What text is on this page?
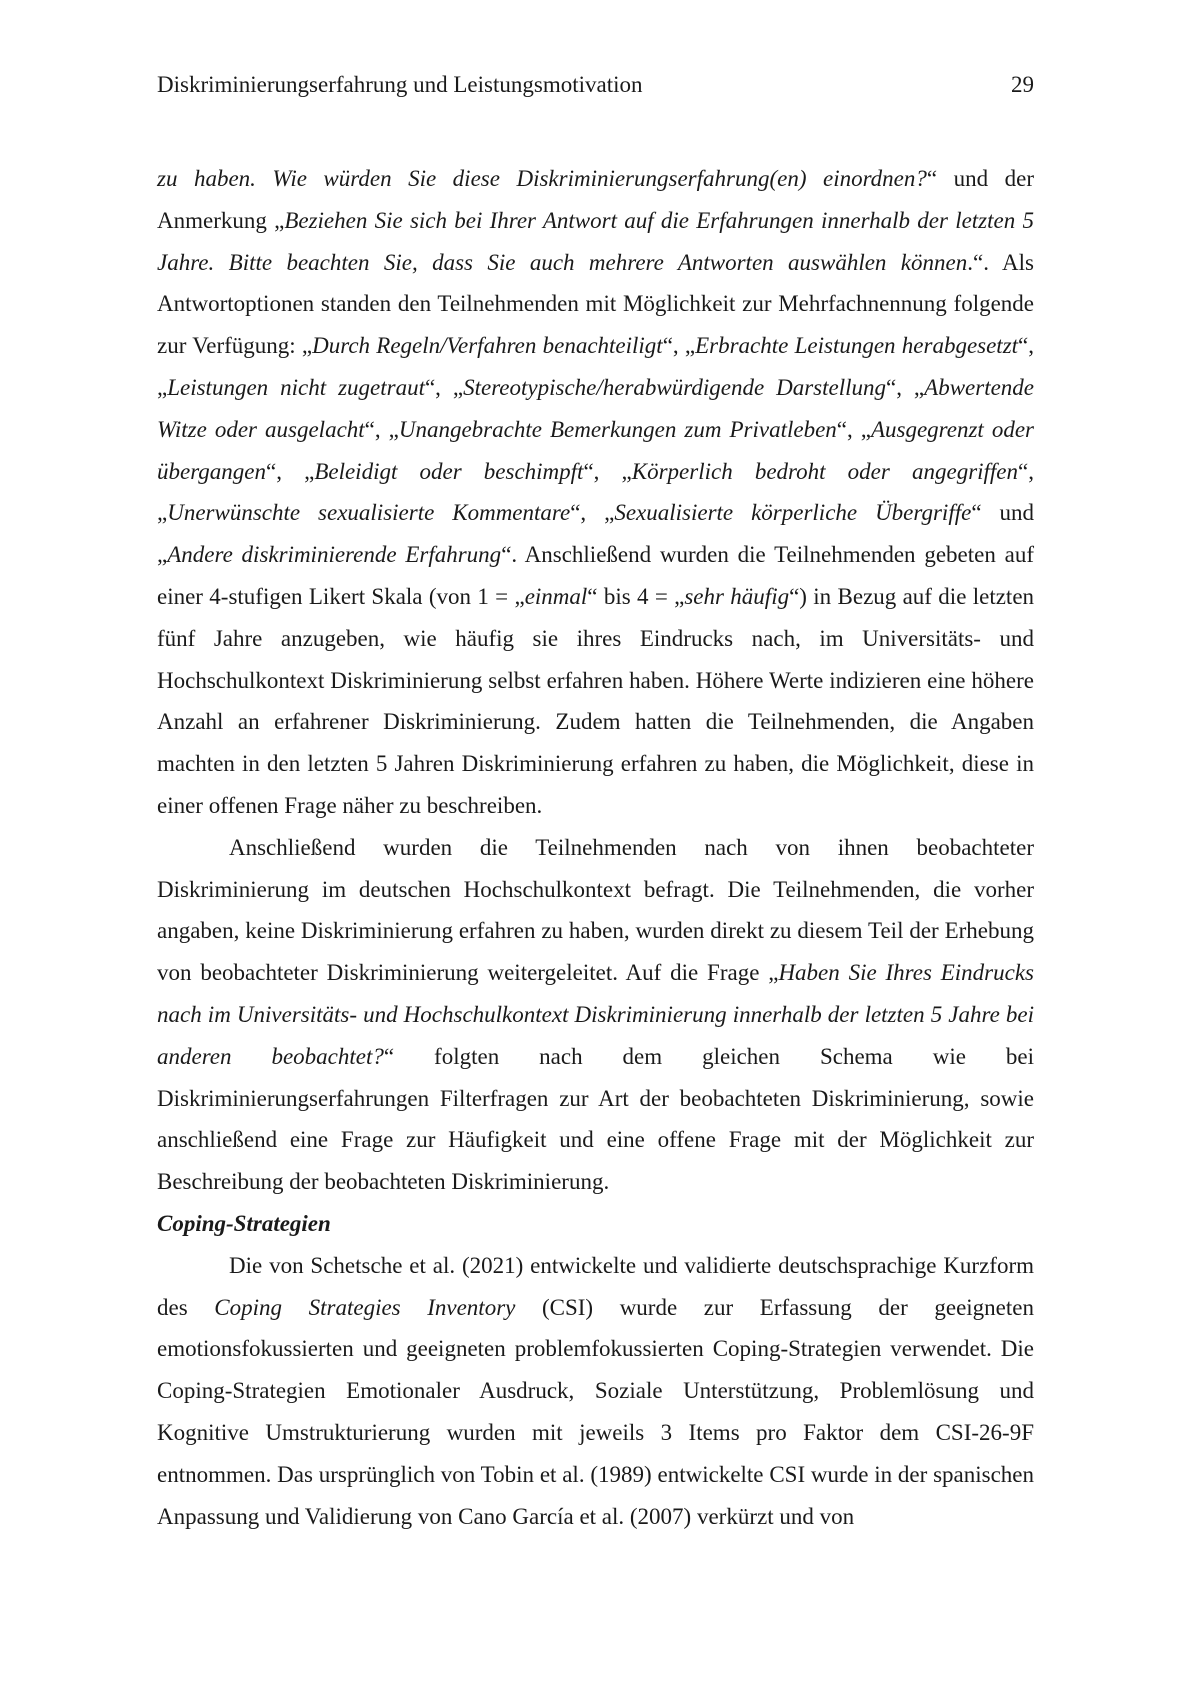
Diskriminierungserfahrung und Leistungsmotivation	29

zu haben. Wie würden Sie diese Diskriminierungserfahrung(en) einordnen?“ und der Anmerkung „Beziehen Sie sich bei Ihrer Antwort auf die Erfahrungen innerhalb der letzten 5 Jahre. Bitte beachten Sie, dass Sie auch mehrere Antworten auswählen können.“. Als Antwortoptionen standen den Teilnehmenden mit Möglichkeit zur Mehrfachnennung folgende zur Verfügung: „Durch Regeln/Verfahren benachteiligt“, „Erbrachte Leistungen herabgesetzt“, „Leistungen nicht zugetraut“, „Stereotypische/herabwürdigende Darstellung“, „Abwertende Witze oder ausgelacht“, „Unangebrachte Bemerkungen zum Privatleben“, „Ausgegrenzt oder übergangen“, „Beleidigt oder beschimpft“, „Körperlich bedroht oder angegriffen“, „Unerwünschte sexualisierte Kommentare“, „Sexualisierte körperliche Übergriffe“ und „Andere diskriminierende Erfahrung“. Anschließend wurden die Teilnehmenden gebeten auf einer 4-stufigen Likert Skala (von 1 = „einmal“ bis 4 = „sehr häufig“) in Bezug auf die letzten fünf Jahre anzugeben, wie häufig sie ihres Eindrucks nach, im Universitäts- und Hochschulkontext Diskriminierung selbst erfahren haben. Höhere Werte indizieren eine höhere Anzahl an erfahrener Diskriminierung. Zudem hatten die Teilnehmenden, die Angaben machten in den letzten 5 Jahren Diskriminierung erfahren zu haben, die Möglichkeit, diese in einer offenen Frage näher zu beschreiben.

Anschließend wurden die Teilnehmenden nach von ihnen beobachteter Diskriminierung im deutschen Hochschulkontext befragt. Die Teilnehmenden, die vorher angaben, keine Diskriminierung erfahren zu haben, wurden direkt zu diesem Teil der Erhebung von beobachteter Diskriminierung weitergeleitet. Auf die Frage „Haben Sie Ihres Eindrucks nach im Universitäts- und Hochschulkontext Diskriminierung innerhalb der letzten 5 Jahre bei anderen beobachtet?“ folgten nach dem gleichen Schema wie bei Diskriminierungserfahrungen Filterfragen zur Art der beobachteten Diskriminierung, sowie anschließend eine Frage zur Häufigkeit und eine offene Frage mit der Möglichkeit zur Beschreibung der beobachteten Diskriminierung.

Coping-Strategien

Die von Schetsche et al. (2021) entwickelte und validierte deutschsprachige Kurzform des Coping Strategies Inventory (CSI) wurde zur Erfassung der geeigneten emotionsfokussierten und geeigneten problemfokussierten Coping-Strategien verwendet. Die Coping-Strategien Emotionaler Ausdruck, Soziale Unterstützung, Problemlösung und Kognitive Umstrukturierung wurden mit jeweils 3 Items pro Faktor dem CSI-26-9F entnommen. Das ursprünglich von Tobin et al. (1989) entwickelte CSI wurde in der spanischen Anpassung und Validierung von Cano García et al. (2007) verkürzt und von
